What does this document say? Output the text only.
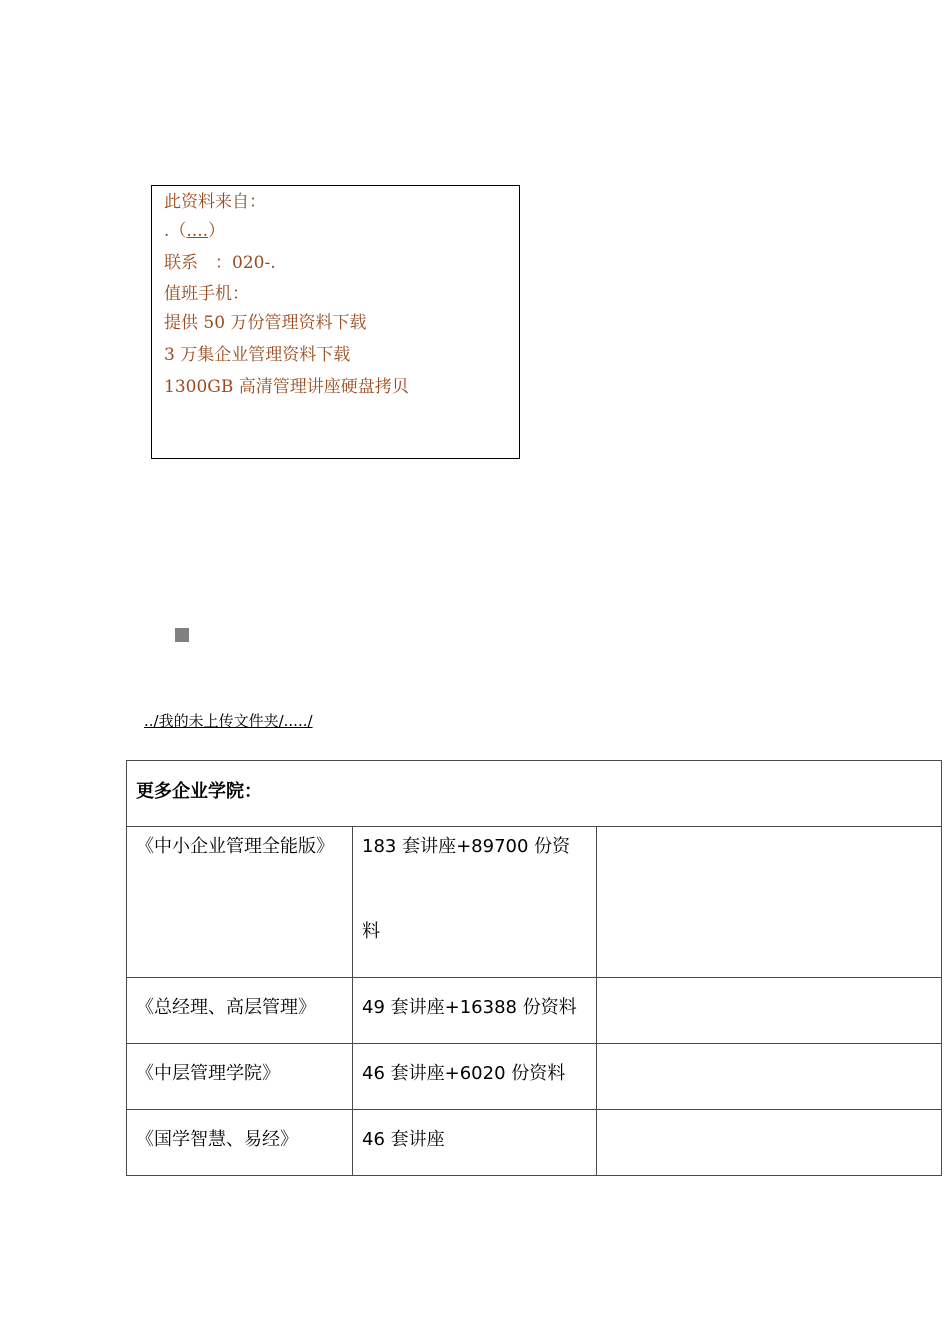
此资料来自：
.（....）
联系　：020-.
值班手机：
提供 50 万份管理资料下载
3 万集企业管理资料下载
1300GB 高清管理讲座硬盘拷贝
../我的未上传文件夹/...../
更多企业学院：		

《中小企业管理全能版》	183 套讲座+89700 份资料	

《总经理、高层管理》	49 套讲座+16388 份资料	
《中层管理学院》	46 套讲座+6020 份资料	
《国学智慧、易经》	46 套讲座	
